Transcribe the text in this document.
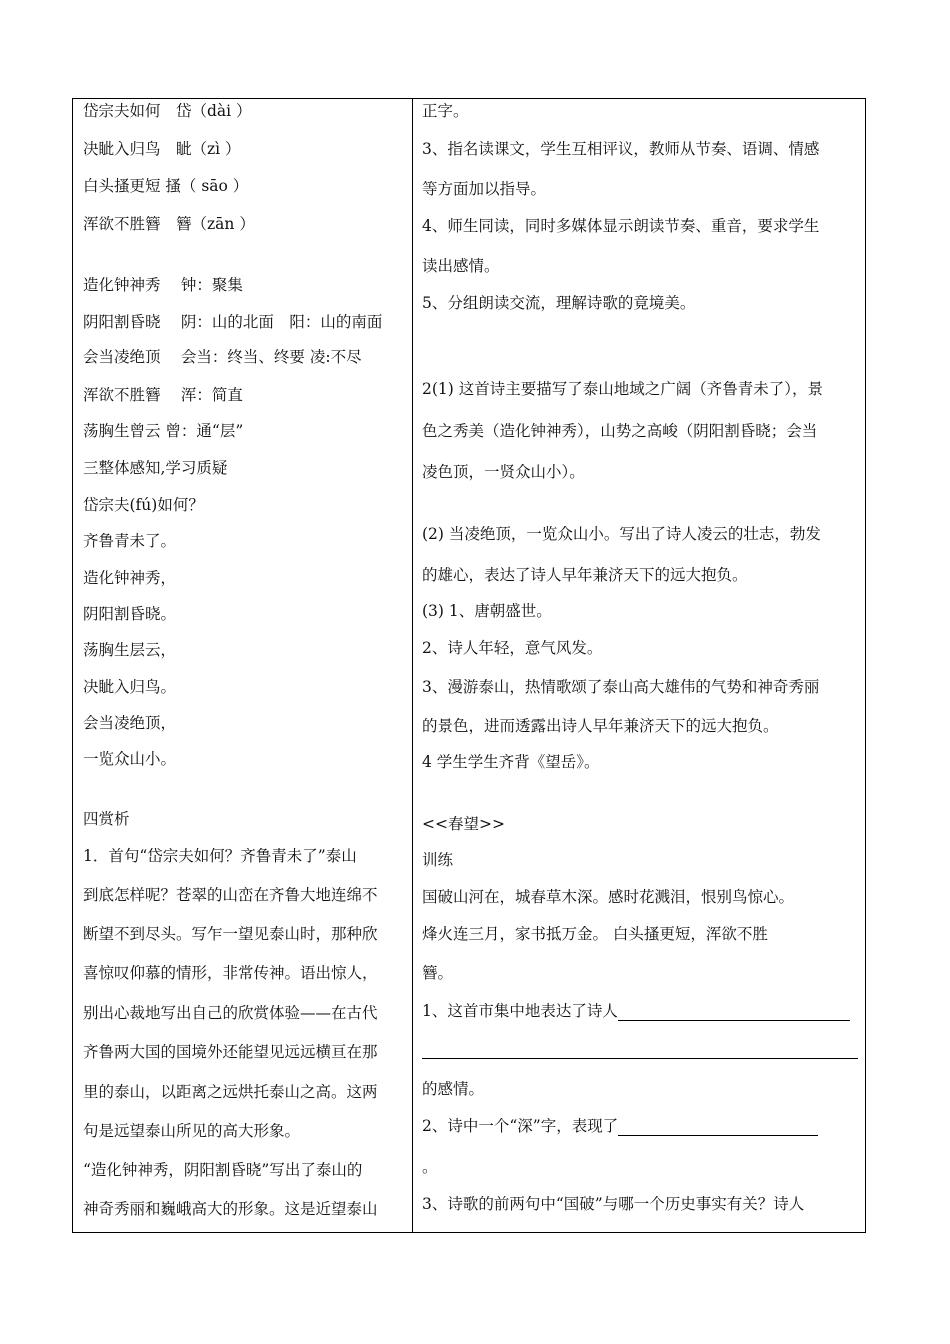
岱宗夫如何　岱（dài ）
决眦入归鸟　眦（zì ）
白头搔更短 搔（ sāo ）
浑欲不胜簪　簪（zān ）
造化钟神秀　 钟：聚集
阴阳割昏晓　 阴：山的北面　阳：山的南面
会当凌绝顶　 会当：终当、终要 凌:不尽
浑欲不胜簪　 浑：简直
荡胸生曾云 曾：通“层”
三整体感知,学习质疑
岱宗夫(fú)如何？
齐鲁青未了。
造化钟神秀，
阴阳割昏晓。
荡胸生层云，
决眦入归鸟。
会当凌绝顶，
一览众山小。
四赏析
1．首句“岱宗夫如何？齐鲁青未了”泰山
到底怎样呢？苍翠的山峦在齐鲁大地连绵不
断望不到尽头。写乍一望见泰山时，那种欣
喜惊叹仰慕的情形，非常传神。语出惊人，
别出心裁地写出自己的欣赏体验——在古代
齐鲁两大国的国境外还能望见远远横亘在那
里的泰山，以距离之远烘托泰山之高。这两
句是远望泰山所见的高大形象。
“造化钟神秀，阴阳割昏晓”写出了泰山的
神奇秀丽和巍峨高大的形象。这是近望泰山
正字。
3、指名读课文，学生互相评议，教师从节奏、语调、情感
等方面加以指导。
4、师生同读，同时多媒体显示朗读节奏、重音，要求学生
读出感情。
5、分组朗读交流，理解诗歌的竟境美。
2(1) 这首诗主要描写了泰山地域之广阔（齐鲁青未了），景
色之秀美（造化钟神秀），山势之高峻（阴阳割昏晓；会当
凌色顶，一贤众山小）。
(2) 当凌绝顶，一览众山小。写出了诗人凌云的壮志，勃发
的雄心，表达了诗人早年兼济天下的远大抱负。
(3) 1、唐朝盛世。
2、诗人年轻，意气风发。
3、漫游泰山，热情歌颂了泰山高大雄伟的气势和神奇秀丽
的景色，进而透露出诗人早年兼济天下的远大抱负。
4 学生学生齐背《望岳》。
<<春望>>
训练
国破山河在，城春草木深。感时花溅泪，恨别鸟惊心。
烽火连三月，家书抵万金。 白头搔更短，浑欲不胜
簪。
1、这首市集中地表达了诗人
的感情。
2、诗中一个“深”字，表现了
。
3、诗歌的前两句中“国破”与哪一个历史事实有关？诗人
